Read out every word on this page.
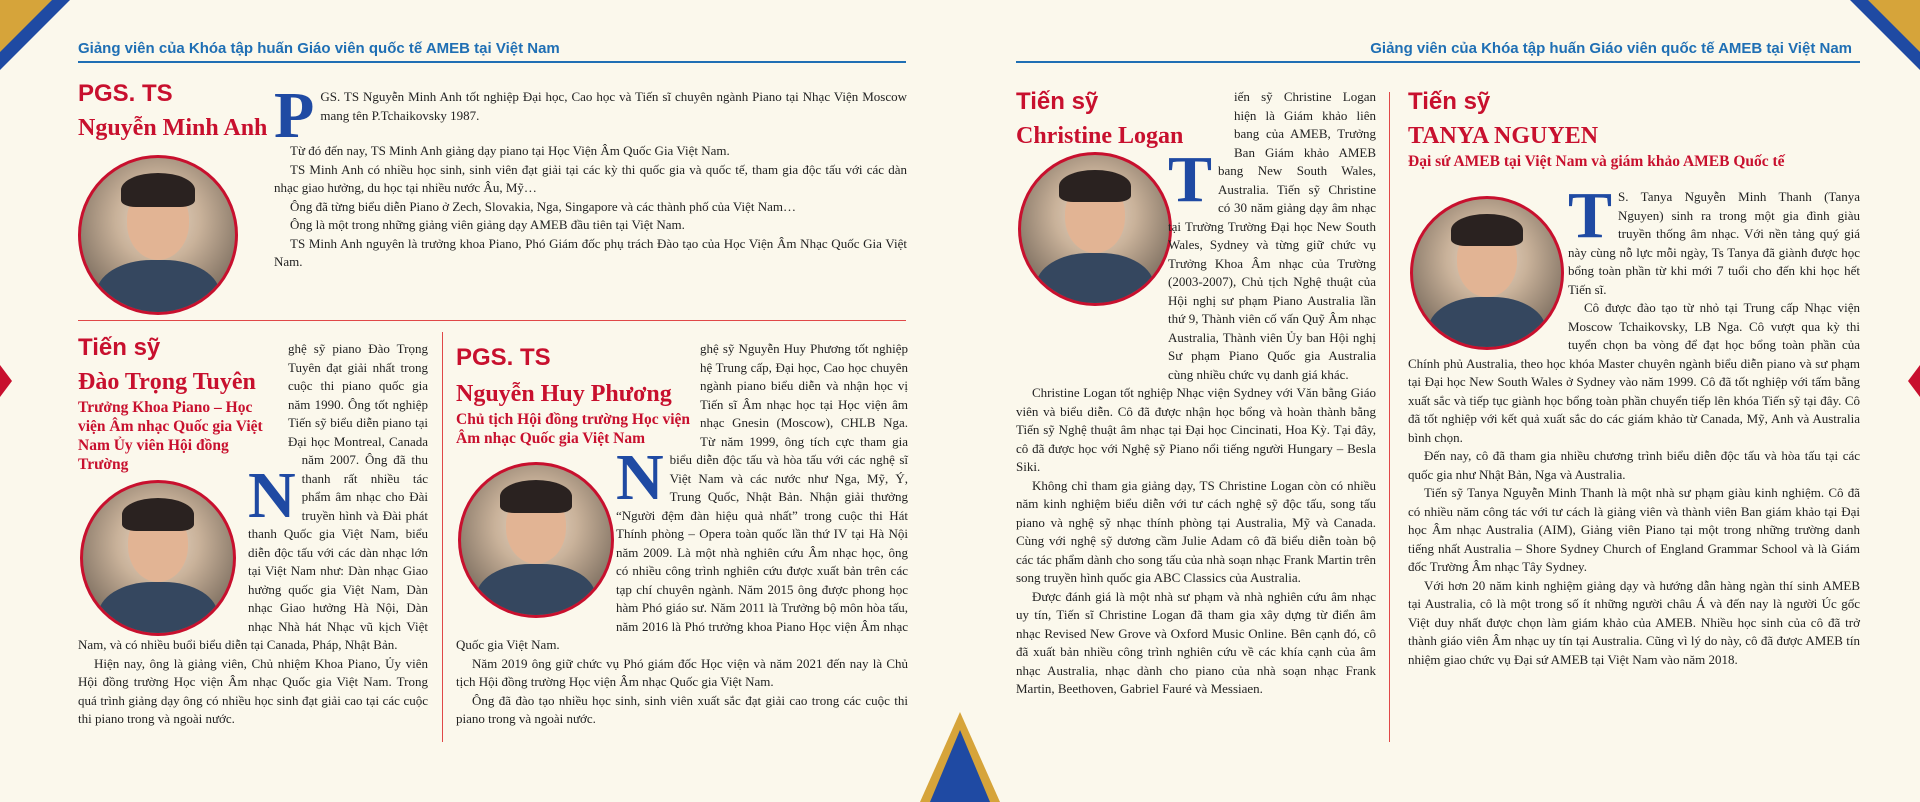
Giảng viên của Khóa tập huấn Giáo viên quốc tế AMEB tại Việt Nam
PGS. TS
Nguyễn Minh Anh PGS. TS Nguyễn Minh Anh tốt nghiệp Đại học, Cao học và Tiến sĩ chuyên ngành Piano tại Nhạc Viện Moscow mang tên P.Tchaikovsky 1987.

Từ đó đến nay, TS Minh Anh giảng dạy piano tại Học Viện Âm Quốc Gia Việt Nam.

TS Minh Anh có nhiều học sinh, sinh viên đạt giải tại các kỳ thi quốc gia và quốc tế, tham gia độc tấu với các dàn nhạc giao hưởng, du học tại nhiều nước Âu, Mỹ…

Ông đã từng biểu diễn Piano ở Zech, Slovakia, Nga, Singapore và các thành phố của Việt Nam…

Ông là một trong những giảng viên giảng dạy AMEB đầu tiên tại Việt Nam.

TS Minh Anh nguyên là trưởng khoa Piano, Phó Giám đốc phụ trách Đào tạo của Học Viện Âm Nhạc Quốc Gia Việt Nam.

Tiến sỹ
Đào Trọng Tuyên
Trưởng Khoa Piano – Học viện Âm nhạc Quốc gia Việt Nam Ủy viên Hội đồng Trường	N
ghệ sỹ piano Đào Trọng Tuyên đạt giải nhất trong cuộc thi piano quốc gia năm 1990. Ông tốt nghiệp Tiến sỹ biểu diễn piano tại Đại học Montreal, Canada năm 2007. Ông đã thu thanh rất nhiều tác phẩm âm nhạc cho Đài truyền hình và Đài phát thanh Quốc gia Việt Nam, biểu diễn độc tấu với các dàn nhạc lớn tại Việt Nam như: Dàn nhạc Giao hưởng quốc gia Việt Nam, Dàn nhạc Giao hưởng Hà Nội, Dàn nhạc Nhà hát Nhạc vũ kịch Việt Nam, và có nhiều buổi biểu diễn tại Canada, Pháp, Nhật Bản.

Hiện nay, ông là giảng viên, Chủ nhiệm Khoa Piano, Ủy viên Hội đồng trường Học viện Âm nhạc Quốc gia Việt Nam. Trong quá trình giảng dạy ông có nhiều học sinh đạt giải cao tại các cuộc thi piano trong và ngoài nước.

PGS. TS
Nguyễn Huy Phương
Chủ tịch Hội đồng trường Học viện Âm nhạc Quốc gia Việt Nam

N
ghệ sỹ Nguyễn Huy Phương tốt nghiệp hệ Trung cấp, Đại học, Cao học chuyên ngành piano biểu diễn và nhận học vị Tiến sĩ Âm nhạc học tại Học viện âm nhạc Gnesin (Moscow), CHLB Nga. Từ năm 1999, ông tích cực tham gia biểu diễn độc tấu và hòa tấu với các nghệ sĩ Việt Nam và các nước như Nga, Mỹ, Ý, Trung Quốc, Nhật Bản. Nhận giải thưởng “Người đệm đàn hiệu quả nhất” trong cuộc thi Hát Thính phòng – Opera toàn quốc lần thứ IV tại Hà Nội năm 2009. Là một nhà nghiên cứu Âm nhạc học, ông có nhiều công trình nghiên cứu được xuất bản trên các tạp chí chuyên ngành. Năm 2015 ông được phong học hàm Phó giáo sư. Năm 2011 là Trưởng bộ môn hòa tấu, năm 2016 là Phó trưởng khoa Piano Học viện Âm nhạc Quốc gia Việt Nam.

Năm 2019 ông giữ chức vụ Phó giám đốc Học viện và năm 2021 đến nay là Chủ tịch Hội đồng trường Học viện Âm nhạc Quốc gia Việt Nam.

Ông đã đào tạo nhiều học sinh, sinh viên xuất sắc đạt giải cao trong các cuộc thi piano trong và ngoài nước.

Giảng viên của Khóa tập huấn Giáo viên quốc tế AMEB tại Việt Nam
Tiến sỹ
Christine Logan

T
iến sỹ Christine Logan hiện là Giám khảo liên bang của AMEB, Trưởng Ban Giám khảo AMEB bang New South Wales, Australia. Tiến sỹ Christine có 30 năm giảng dạy âm nhạc tại Trường Trường Đại học New South Wales, Sydney và từng giữ chức vụ Trưởng Khoa Âm nhạc của Trường (2003-2007), Chủ tịch Nghệ thuật của Hội nghị sư phạm Piano Australia lần thứ 9, Thành viên cố vấn Quỹ Âm nhạc Australia, Thành viên Ủy ban Hội nghị Sư phạm Piano Quốc gia Australia cùng nhiều chức vụ danh giá khác.

Christine Logan tốt nghiệp Nhạc viện Sydney với Văn bằng Giáo viên và biểu diễn. Cô đã được nhận học bổng và hoàn thành bằng Tiến sỹ Nghệ thuật âm nhạc tại Đại học Cincinati, Hoa Kỳ. Tại đây, cô đã được học với Nghệ sỹ Piano nổi tiếng người Hungary – Besla Siki.

Không chỉ tham gia giảng dạy, TS Christine Logan còn có nhiều năm kinh nghiệm biểu diễn với tư cách nghệ sỹ độc tấu, song tấu piano và nghệ sỹ nhạc thính phòng tại Australia, Mỹ và Canada. Cùng với nghệ sỹ dương cầm Julie Adam cô đã biểu diễn toàn bộ các tác phẩm dành cho song tấu của nhà soạn nhạc Frank Martin trên song truyền hình quốc gia ABC Classics của Australia.

Được đánh giá là một nhà sư phạm và nhà nghiên cứu âm nhạc uy tín, Tiến sĩ Christine Logan đã tham gia xây dựng từ điển âm nhạc Revised New Grove và Oxford Music Online. Bên cạnh đó, cô đã xuất bản nhiều công trình nghiên cứu về các khía cạnh của âm nhạc Australia, nhạc dành cho piano của nhà soạn nhạc Frank Martin, Beethoven, Gabriel Fauré và Messiaen.

Tiến sỹ
TANYA NGUYEN
Đại sứ AMEB tại Việt Nam và giám khảo AMEB Quốc tế

T S. Tanya Nguyễn Minh Thanh (Tanya Nguyen) sinh ra trong một gia đình giàu truyền thống âm nhạc. Với nền tảng quý giá này cùng nỗ lực mỗi ngày, Ts Tanya đã giành được học bổng toàn phần từ khi mới 7 tuổi cho đến khi học hết Tiến sĩ.

Cô được đào tạo từ nhỏ tại Trung cấp Nhạc viện Moscow Tchaikovsky, LB Nga. Cô vượt qua kỳ thi tuyển chọn ba vòng để đạt học bổng toàn phần của Chính phủ Australia, theo học khóa Master chuyên ngành biểu diễn piano và sư phạm tại Đại học New South Wales ở Sydney vào năm 1999. Cô đã tốt nghiệp với tấm bằng xuất sắc và tiếp tục giành học bổng toàn phần chuyển tiếp lên khóa Tiến sỹ tại đây. Cô đã tốt nghiệp với kết quả xuất sắc do các giám khảo từ Canada, Mỹ, Anh và Australia bình chọn.

Đến nay, cô đã tham gia nhiều chương trình biểu diễn độc tấu và hòa tấu tại các quốc gia như Nhật Bản, Nga và Australia.

Tiến sỹ Tanya Nguyễn Minh Thanh là một nhà sư phạm giàu kinh nghiệm. Cô đã có nhiều năm công tác với tư cách là giảng viên và thành viên Ban giám khảo tại Đại học Âm nhạc Australia (AIM), Giảng viên Piano tại một trong những trường danh tiếng nhất Australia – Shore Sydney Church of England Grammar School và là Giám đốc Trường Âm nhạc Tây Sydney.

Với hơn 20 năm kinh nghiệm giảng dạy và hướng dẫn hàng ngàn thí sinh AMEB tại Australia, cô là một trong số ít những người châu Á và đến nay là người Úc gốc Việt duy nhất được chọn làm giám khảo của AMEB. Nhiều học sinh của cô đã trở thành giáo viên Âm nhạc uy tín tại Australia. Cũng vì lý do này, cô đã được AMEB tín nhiệm giao chức vụ Đại sứ AMEB tại Việt Nam vào năm 2018.
